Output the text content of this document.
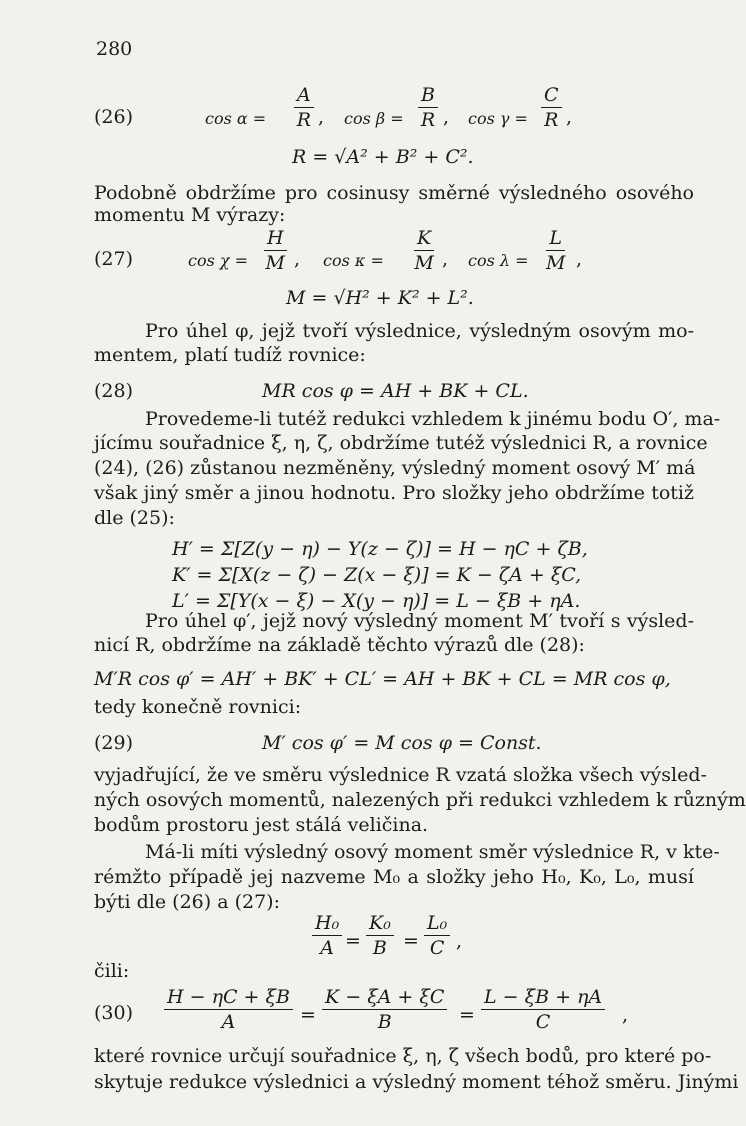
280
(26)	cos α =
A
R , cos β =
B
R , cos γ =
C
R ,
R = √A² + B² + C².
Podobně obdržíme pro cosinusy směrné výsledného osového
momentu M výrazy:
(27)	cos χ =
H
M , cos κ =
K
M , cos λ =
L
M ,
M = √H² + K² + L².
Pro úhel φ, jejž tvoří výslednice, výsledným osovým mo-
mentem, platí tudíž rovnice:
(28)	MR cos φ = AH + BK + CL.
Provedeme-li tutéž redukci vzhledem k jinému bodu O′, ma-
jícímu souřadnice ξ, η, ζ, obdržíme tutéž výslednici R, a rovnice
(24), (26) zůstanou nezměněny, výsledný moment osový M′ má
však jiný směr a jinou hodnotu. Pro složky jeho obdržíme totiž
dle (25):
H′ = Σ[Z(y − η) − Y(z − ζ)] = H − ηC + ζB,
K′ = Σ[X(z − ζ) − Z(x − ξ)] = K − ζA + ξC,
L′ = Σ[Y(x − ξ) − X(y − η)] = L − ξB + ηA.
Pro úhel φ′, jejž nový výsledný moment M′ tvoří s výsled-
nicí R, obdržíme na základě těchto výrazů dle (28):
M′R cos φ′ = AH′ + BK′ + CL′ = AH + BK + CL = MR cos φ,
tedy konečně rovnici:
(29)	M′ cos φ′ = M cos φ = Const.
vyjadřující, že ve směru výslednice R vzatá složka všech výsled-
ných osových momentů, nalezených při redukci vzhledem k různým
bodům prostoru jest stálá veličina.
Má-li míti výsledný osový moment směr výslednice R, v kte-
rémžto případě jej nazveme M₀ a složky jeho H₀, K₀, L₀, musí
býti dle (26) a (27):
H₀
A =
K₀
B =
L₀
C ,
čili:
(30)
H − ηC + ξB
A	=
K − ξA + ξC
B	=
L − ξB + ηA
C	,
které rovnice určují souřadnice ξ, η, ζ všech bodů, pro které po-
skytuje redukce výslednici a výsledný moment téhož směru. Jinými
